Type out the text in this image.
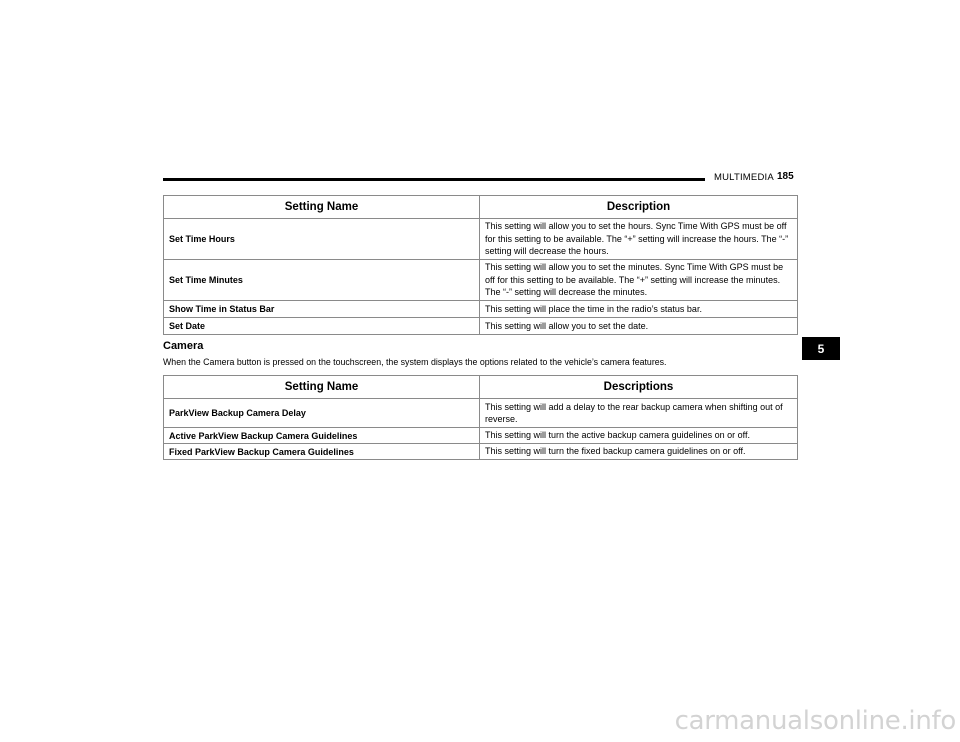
MULTIMEDIA 185
Setting Name	Description
Set Time Hours	This setting will allow you to set the hours. Sync Time With GPS must be off for this setting to be available. The “+” setting will increase the hours. The “-” setting will decrease the hours.
Set Time Minutes	This setting will allow you to set the minutes. Sync Time With GPS must be off for this setting to be available. The “+” setting will increase the minutes. The “-” setting will decrease the minutes.
Show Time in Status Bar	This setting will place the time in the radio’s status bar.
Set Date	This setting will allow you to set the date.
Camera
When the Camera button is pressed on the touchscreen, the system displays the options related to the vehicle’s camera features.
Setting Name	Descriptions
ParkView Backup Camera Delay	This setting will add a delay to the rear backup camera when shifting out of reverse.
Active ParkView Backup Camera Guidelines	This setting will turn the active backup camera guidelines on or off.
Fixed ParkView Backup Camera Guidelines	This setting will turn the fixed backup camera guidelines on or off.
5
carmanualsonline.info
